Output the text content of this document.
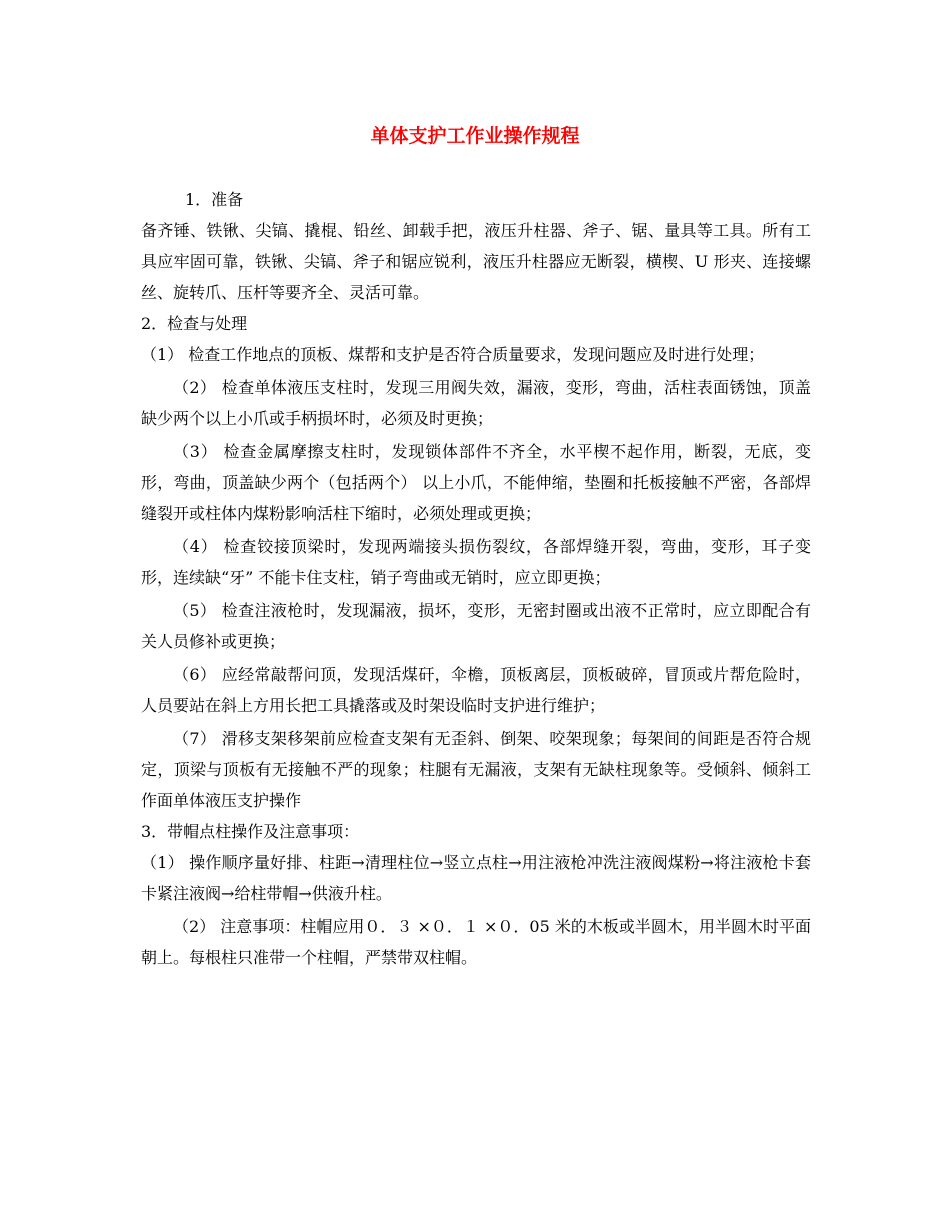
单体支护工作业操作规程

1．准备

备齐锤、铁锹、尖镐、撬棍、铅丝、卸载手把，液压升柱器、斧子、锯、量具等工具。所有工具应牢固可靠，铁锹、尖镐、斧子和锯应锐利，液压升柱器应无断裂，横楔、U 形夹、连接螺丝、旋转爪、压杆等要齐全、灵活可靠。

2．检查与处理

（1） 检查工作地点的顶板、煤帮和支护是否符合质量要求，发现问题应及时进行处理；

（2） 检查单体液压支柱时，发现三用阀失效，漏液，变形，弯曲，活柱表面锈蚀，顶盖缺少两个以上小爪或手柄损坏时，必须及时更换；

（3） 检查金属摩擦支柱时，发现锁体部件不齐全，水平楔不起作用，断裂，无底，变形，弯曲，顶盖缺少两个（包括两个） 以上小爪，不能伸缩，垫圈和托板接触不严密，各部焊缝裂开或柱体内煤粉影响活柱下缩时，必须处理或更换；

（4） 检查铰接顶梁时，发现两端接头损伤裂纹，各部焊缝开裂，弯曲，变形，耳子变形，连续缺“牙” 不能卡住支柱，销子弯曲或无销时，应立即更换；

（5） 检查注液枪时，发现漏液，损坏，变形，无密封圈或出液不正常时，应立即配合有关人员修补或更换；

（6） 应经常敲帮问顶，发现活煤矸，伞檐，顶板离层，顶板破碎，冒顶或片帮危险时，人员要站在斜上方用长把工具撬落或及时架设临时支护进行维护；

（7） 滑移支架移架前应检查支架有无歪斜、倒架、咬架现象；每架间的间距是否符合规定，顶梁与顶板有无接触不严的现象；柱腿有无漏液，支架有无缺柱现象等。受倾斜、倾斜工作面单体液压支护操作

3．带帽点柱操作及注意事项：

（1） 操作顺序量好排、柱距→清理柱位→竖立点柱→用注液枪冲洗注液阀煤粉→将注液枪卡套卡紧注液阀→给柱带帽→供液升柱。

（2） 注意事项：柱帽应用０．３ ×０．１ ×０．05 米的木板或半圆木，用半圆木时平面朝上。每根柱只准带一个柱帽，严禁带双柱帽。
